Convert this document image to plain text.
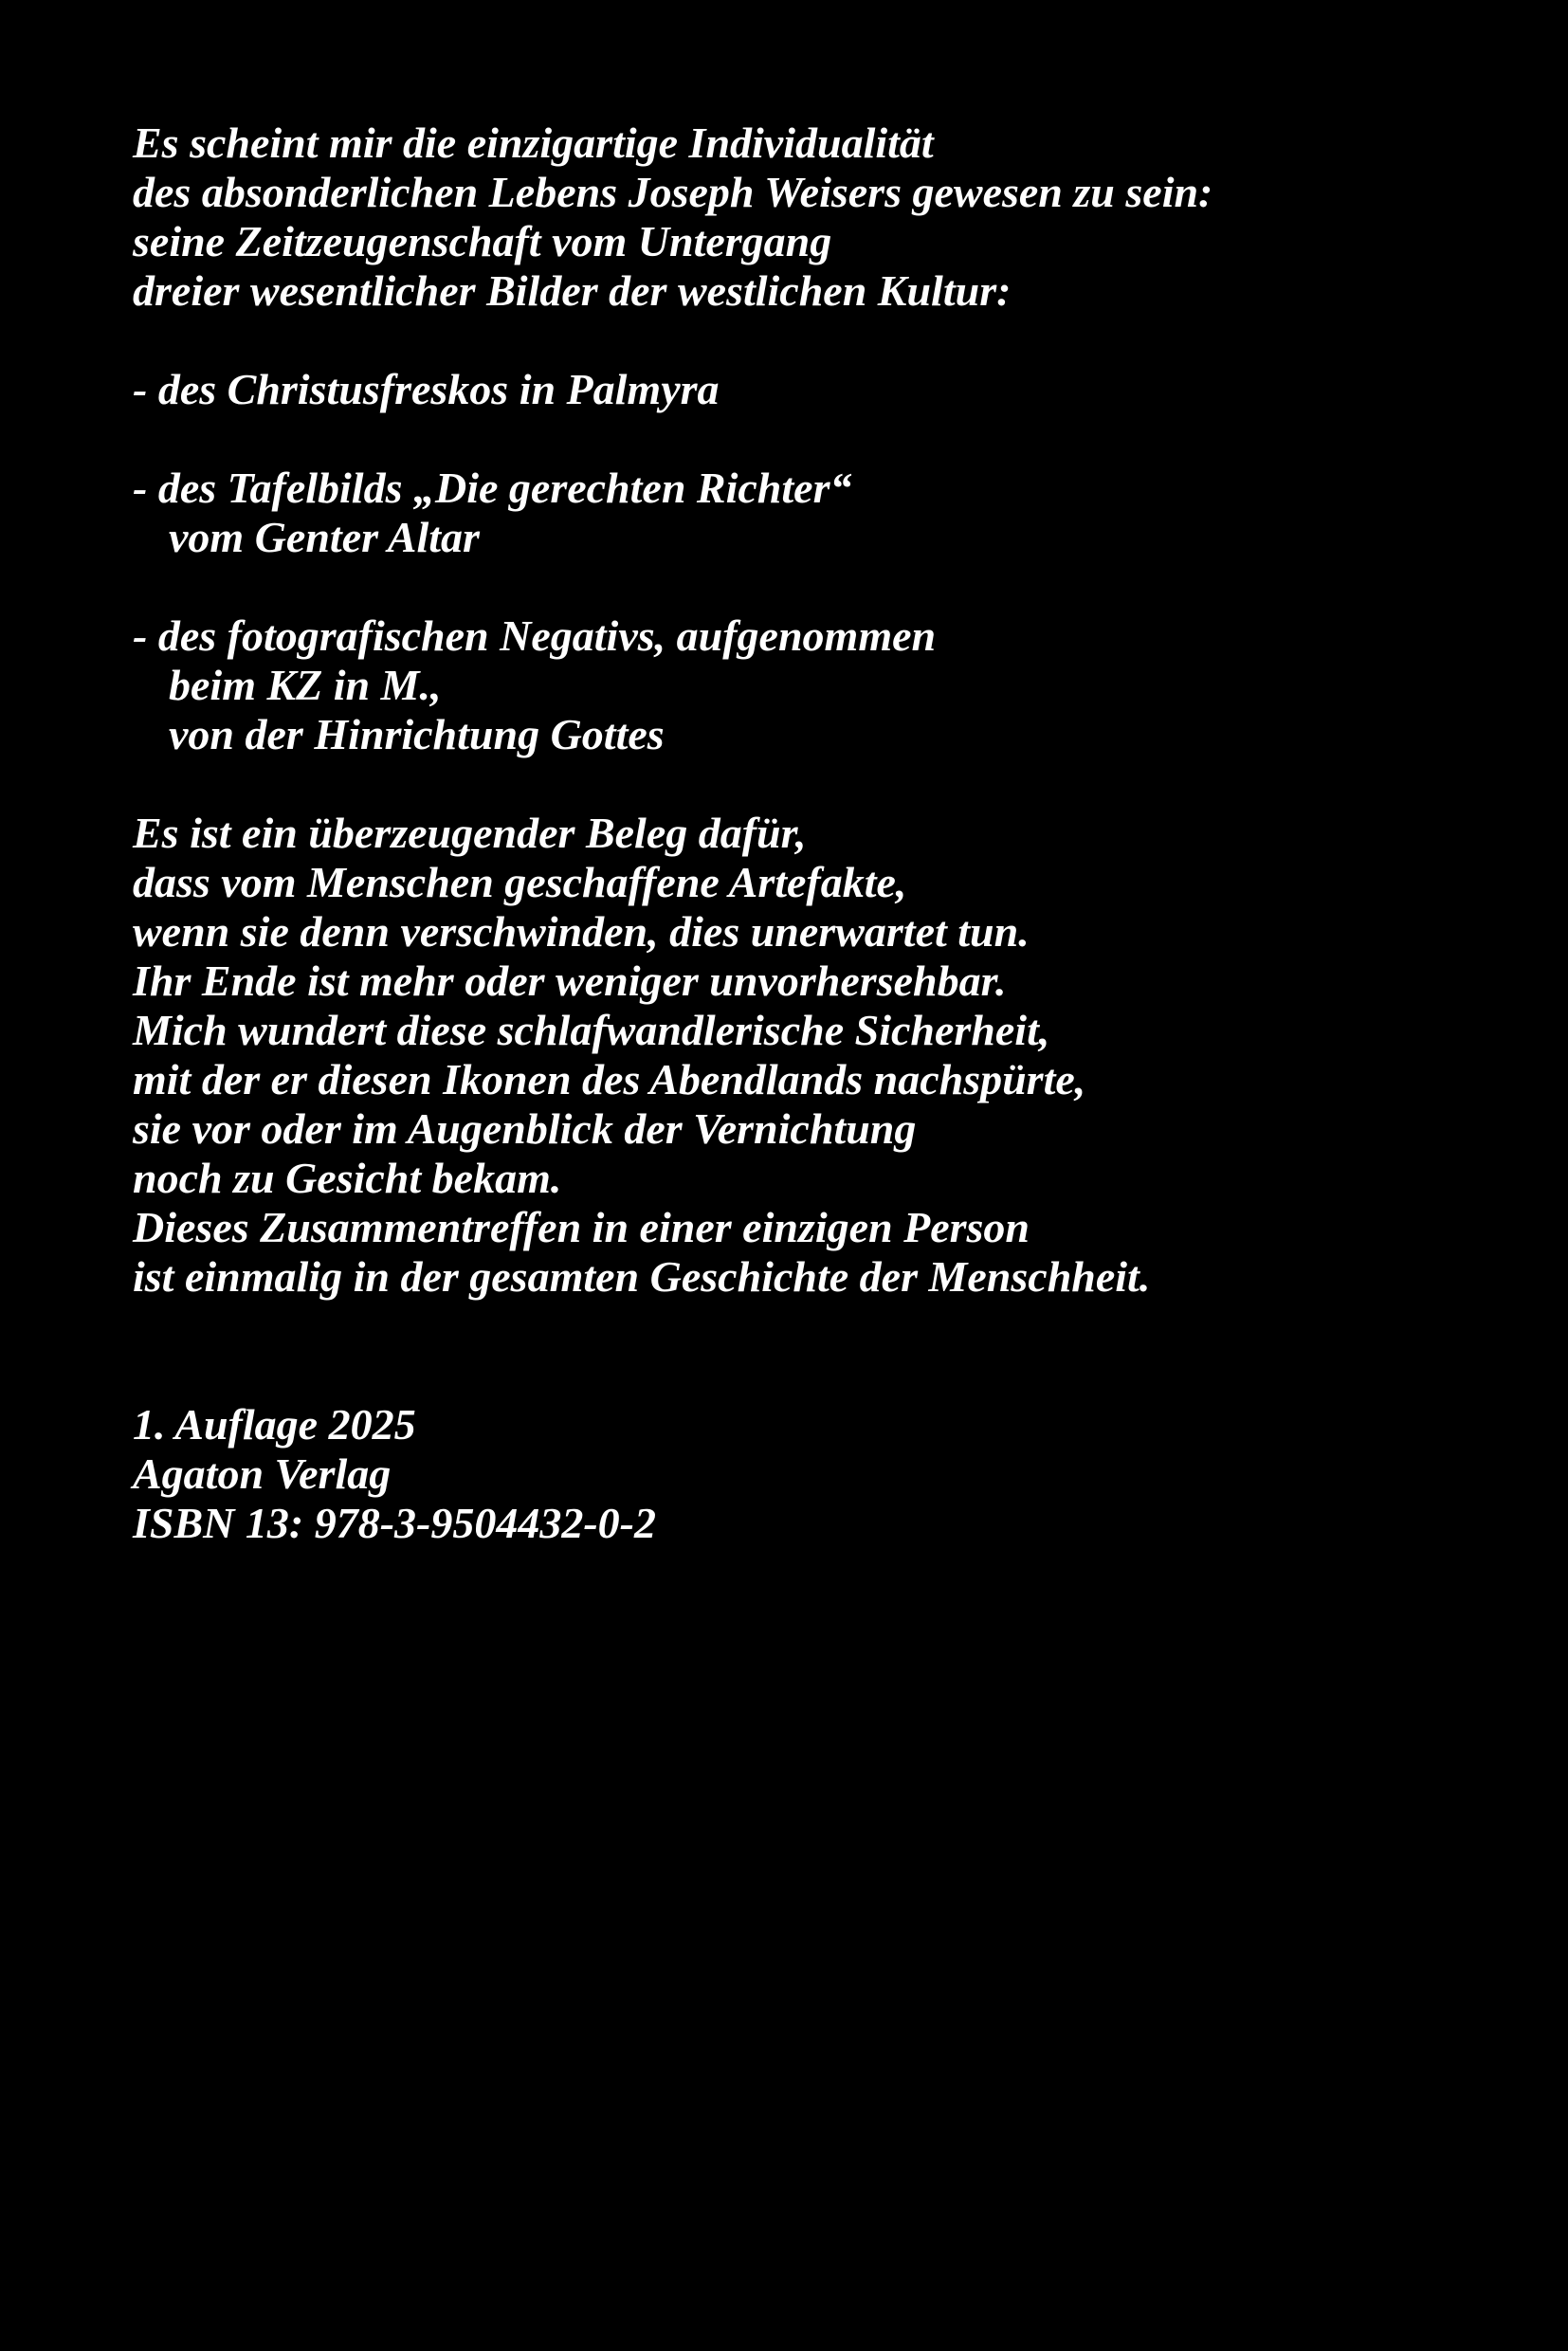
Es scheint mir die einzigartige Individualität
des absonderlichen Lebens Joseph Weisers gewesen zu sein:
seine Zeitzeugenschaft vom Untergang
dreier wesentlicher Bilder der westlichen Kultur:
- des Christusfreskos in Palmyra
- des Tafelbilds „Die gerechten Richter“
vom Genter Altar
- des fotografischen Negativs, aufgenommen
beim KZ in M.,
von der Hinrichtung Gottes
Es ist ein überzeugender Beleg dafür,
dass vom Menschen geschaffene Artefakte,
wenn sie denn verschwinden, dies unerwartet tun.
Ihr Ende ist mehr oder weniger unvorhersehbar.
Mich wundert diese schlafwandlerische Sicherheit,
mit der er diesen Ikonen des Abendlands nachspürte,
sie vor oder im Augenblick der Vernichtung
noch zu Gesicht bekam.
Dieses Zusammentreffen in einer einzigen Person
ist einmalig in der gesamten Geschichte der Menschheit.
1. Auflage 2025
Agaton Verlag
ISBN 13: 978-3-9504432-0-2
